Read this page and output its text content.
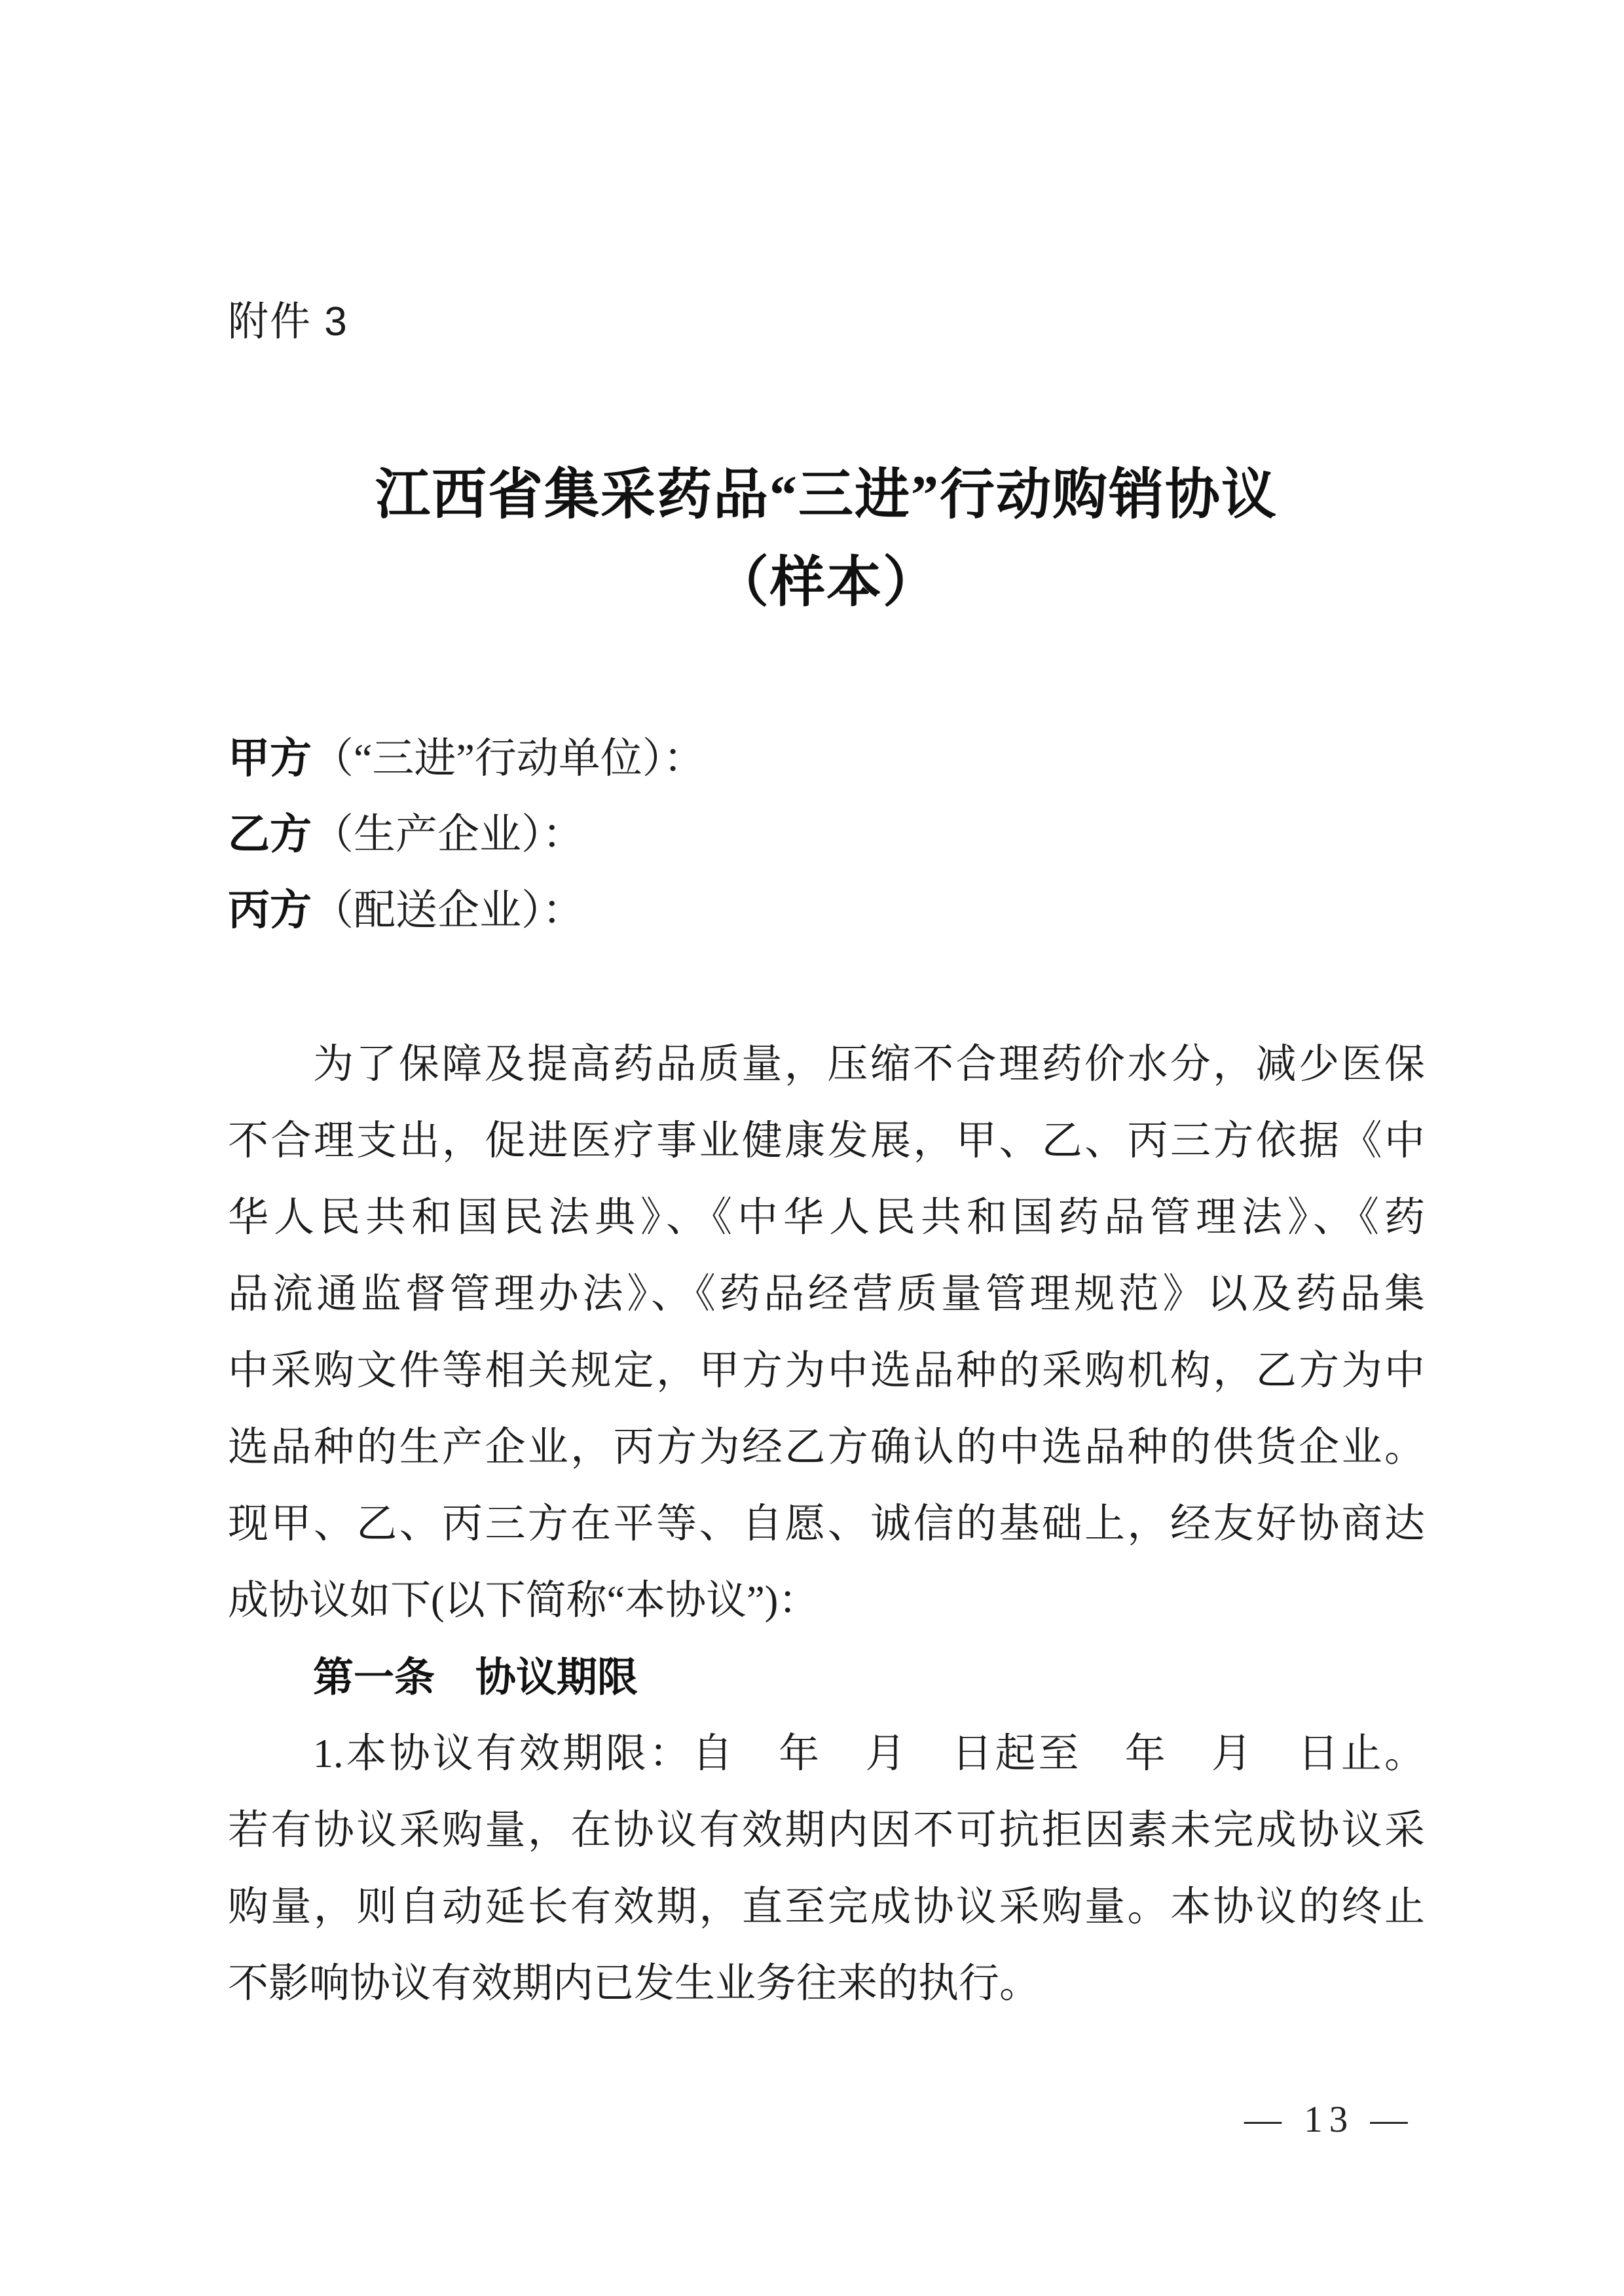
附件 3
江西省集采药品“三进”行动购销协议
（样本）
甲方（“三进”行动单位）：
乙方（生产企业）：
丙方（配送企业）：
为了保障及提高药品质量，压缩不合理药价水分，减少医保
不合理支出，促进医疗事业健康发展，甲、乙、丙三方依据《中
华人民共和国民法典》、《中华人民共和国药品管理法》、《药
品流通监督管理办法》、《药品经营质量管理规范》以及药品集
中采购文件等相关规定，甲方为中选品种的采购机构，乙方为中
选品种的生产企业，丙方为经乙方确认的中选品种的供货企业。
现甲、乙、丙三方在平等、自愿、诚信的基础上，经友好协商达
成协议如下(以下简称“本协议”)：
第一条　协议期限
1.本协议有效期限：自　年　月　日起至　年　月　日止。
若有协议采购量，在协议有效期内因不可抗拒因素未完成协议采
购量，则自动延长有效期，直至完成协议采购量。本协议的终止
不影响协议有效期内已发生业务往来的执行。
— 13 —
